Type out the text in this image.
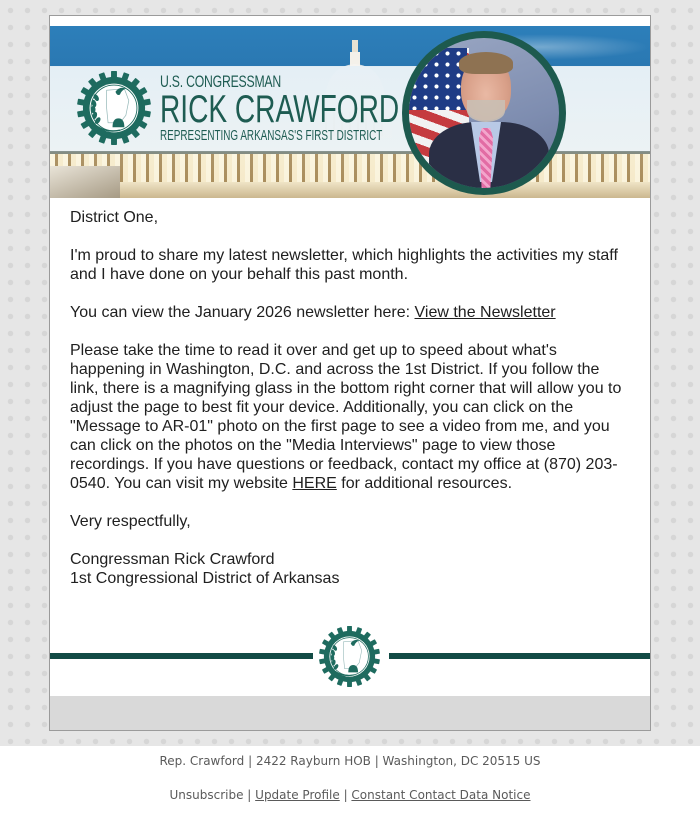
U.S. CONGRESSMAN
RICK CRAWFORD
REPRESENTING ARKANSAS'S FIRST DISTRICT

District One,

I'm proud to share my latest newsletter, which highlights the activities my staff and I have done on your behalf this past month.

You can view the January 2026 newsletter here: View the Newsletter

Please take the time to read it over and get up to speed about what's happening in Washington, D.C. and across the 1st District. If you follow the link, there is a magnifying glass in the bottom right corner that will allow you to adjust the page to best fit your device. Additionally, you can click on the "Message to AR-01" photo on the first page to see a video from me, and you can click on the photos on the "Media Interviews" page to view those recordings. If you have questions or feedback, contact my office at (870) 203-0540. You can visit my website HERE for additional resources.

Very respectfully,

Congressman Rick Crawford
1st Congressional District of Arkansas

Rep. Crawford | 2422 Rayburn HOB | Washington, DC 20515 US
Unsubscribe | Update Profile | Constant Contact Data Notice
